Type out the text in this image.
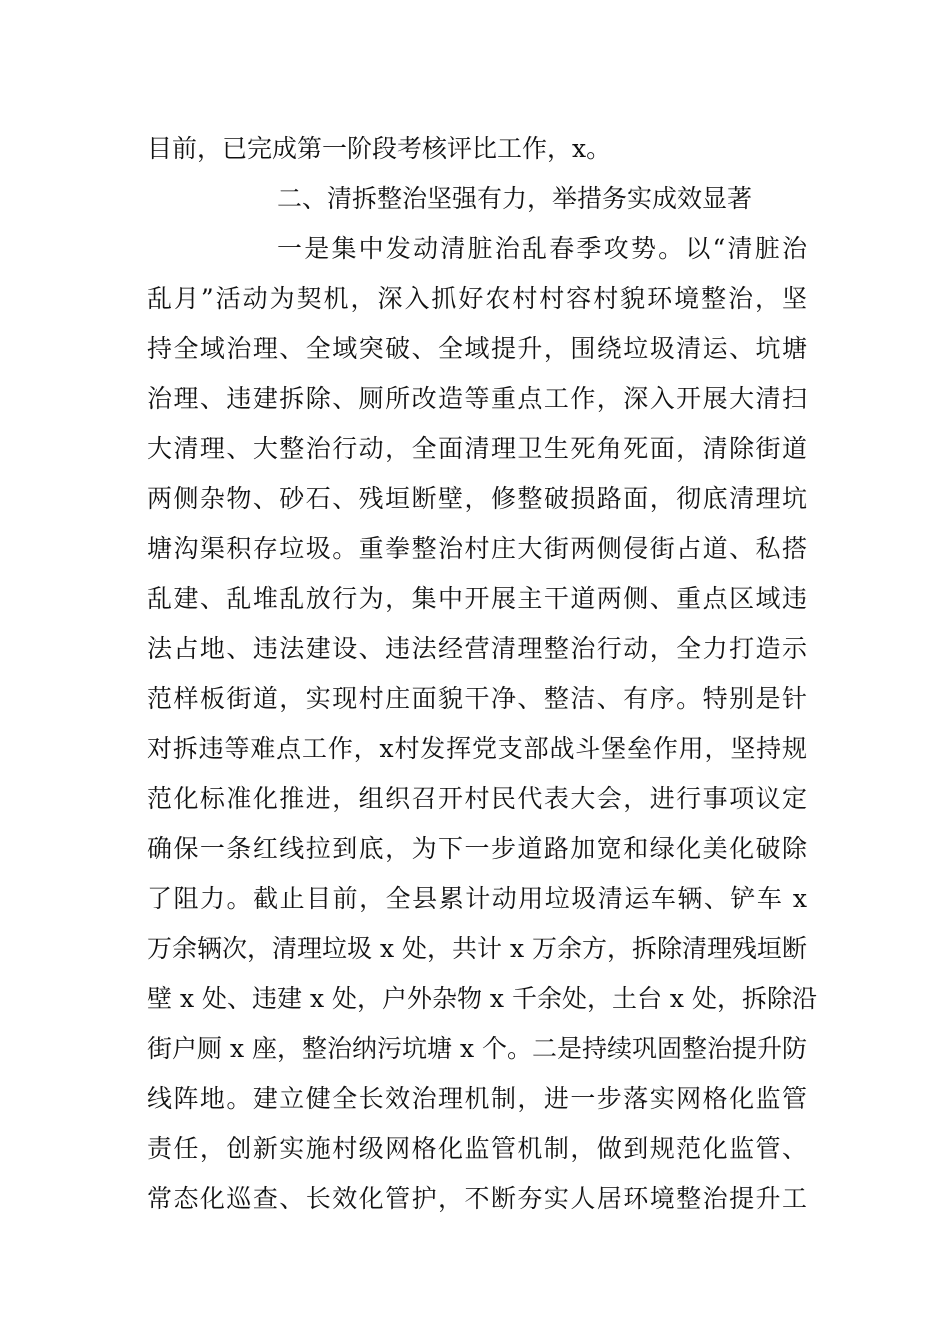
目前，已完成第一阶段考核评比工作，x。
二、清拆整治坚强有力，举措务实成效显著
一是集中发动清脏治乱春季攻势。以“清脏治
乱月”活动为契机，深入抓好农村村容村貌环境整治，坚
持全域治理、全域突破、全域提升，围绕垃圾清运、坑塘
治理、违建拆除、厕所改造等重点工作，深入开展大清扫
大清理、大整治行动，全面清理卫生死角死面，清除街道
两侧杂物、砂石、残垣断壁，修整破损路面，彻底清理坑
塘沟渠积存垃圾。重拳整治村庄大街两侧侵街占道、私搭
乱建、乱堆乱放行为，集中开展主干道两侧、重点区域违
法占地、违法建设、违法经营清理整治行动，全力打造示
范样板街道，实现村庄面貌干净、整洁、有序。特别是针
对拆违等难点工作，x村发挥党支部战斗堡垒作用，坚持规
范化标准化推进，组织召开村民代表大会，进行事项议定
确保一条红线拉到底，为下一步道路加宽和绿化美化破除
了阻力。截止目前，全县累计动用垃圾清运车辆、铲车 x
万余辆次，清理垃圾 x 处，共计 x 万余方，拆除清理残垣断
壁 x 处、违建 x 处，户外杂物 x 千余处，土台 x 处，拆除沿
街户厕 x 座，整治纳污坑塘 x 个。二是持续巩固整治提升防
线阵地。建立健全长效治理机制，进一步落实网格化监管
责任，创新实施村级网格化监管机制，做到规范化监管、
常态化巡查、长效化管护，不断夯实人居环境整治提升工
